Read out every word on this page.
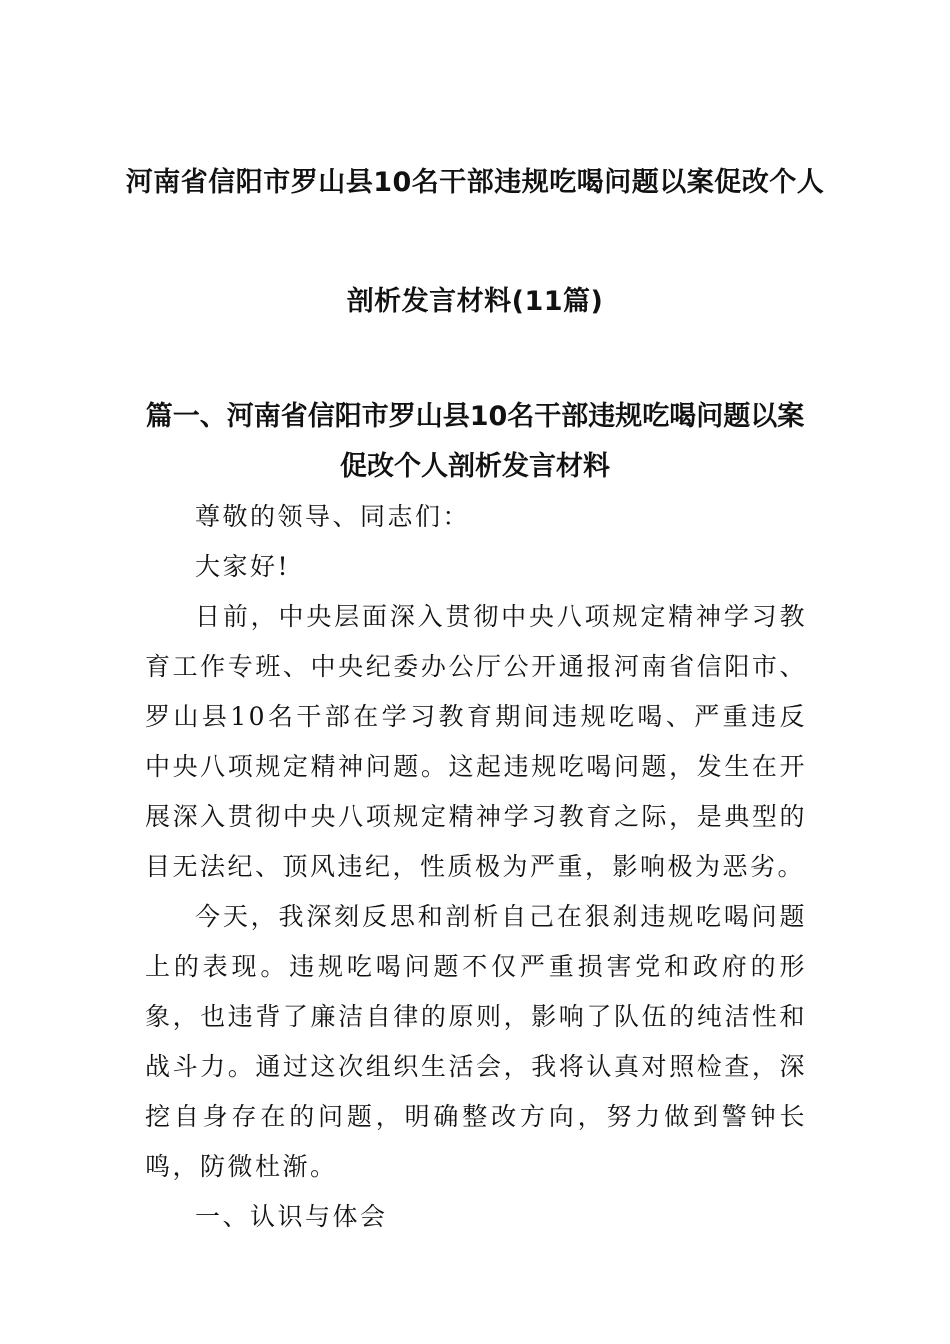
河南省信阳市罗山县10名干部违规吃喝问题以案促改个人
剖析发言材料(11篇)
篇一、河南省信阳市罗山县10名干部违规吃喝问题以案促改个人剖析发言材料

尊敬的领导、同志们：

大家好!

日前，中央层面深入贯彻中央八项规定精神学习教育工作专班、中央纪委办公厅公开通报河南省信阳市、罗山县10名干部在学习教育期间违规吃喝、严重违反中央八项规定精神问题。这起违规吃喝问题，发生在开展深入贯彻中央八项规定精神学习教育之际，是典型的目无法纪、顶风违纪，性质极为严重，影响极为恶劣。

今天，我深刻反思和剖析自己在狠刹违规吃喝问题上的表现。违规吃喝问题不仅严重损害党和政府的形象，也违背了廉洁自律的原则，影响了队伍的纯洁性和战斗力。通过这次组织生活会，我将认真对照检查，深挖自身存在的问题，明确整改方向，努力做到警钟长鸣，防微杜渐。

一、认识与体会
